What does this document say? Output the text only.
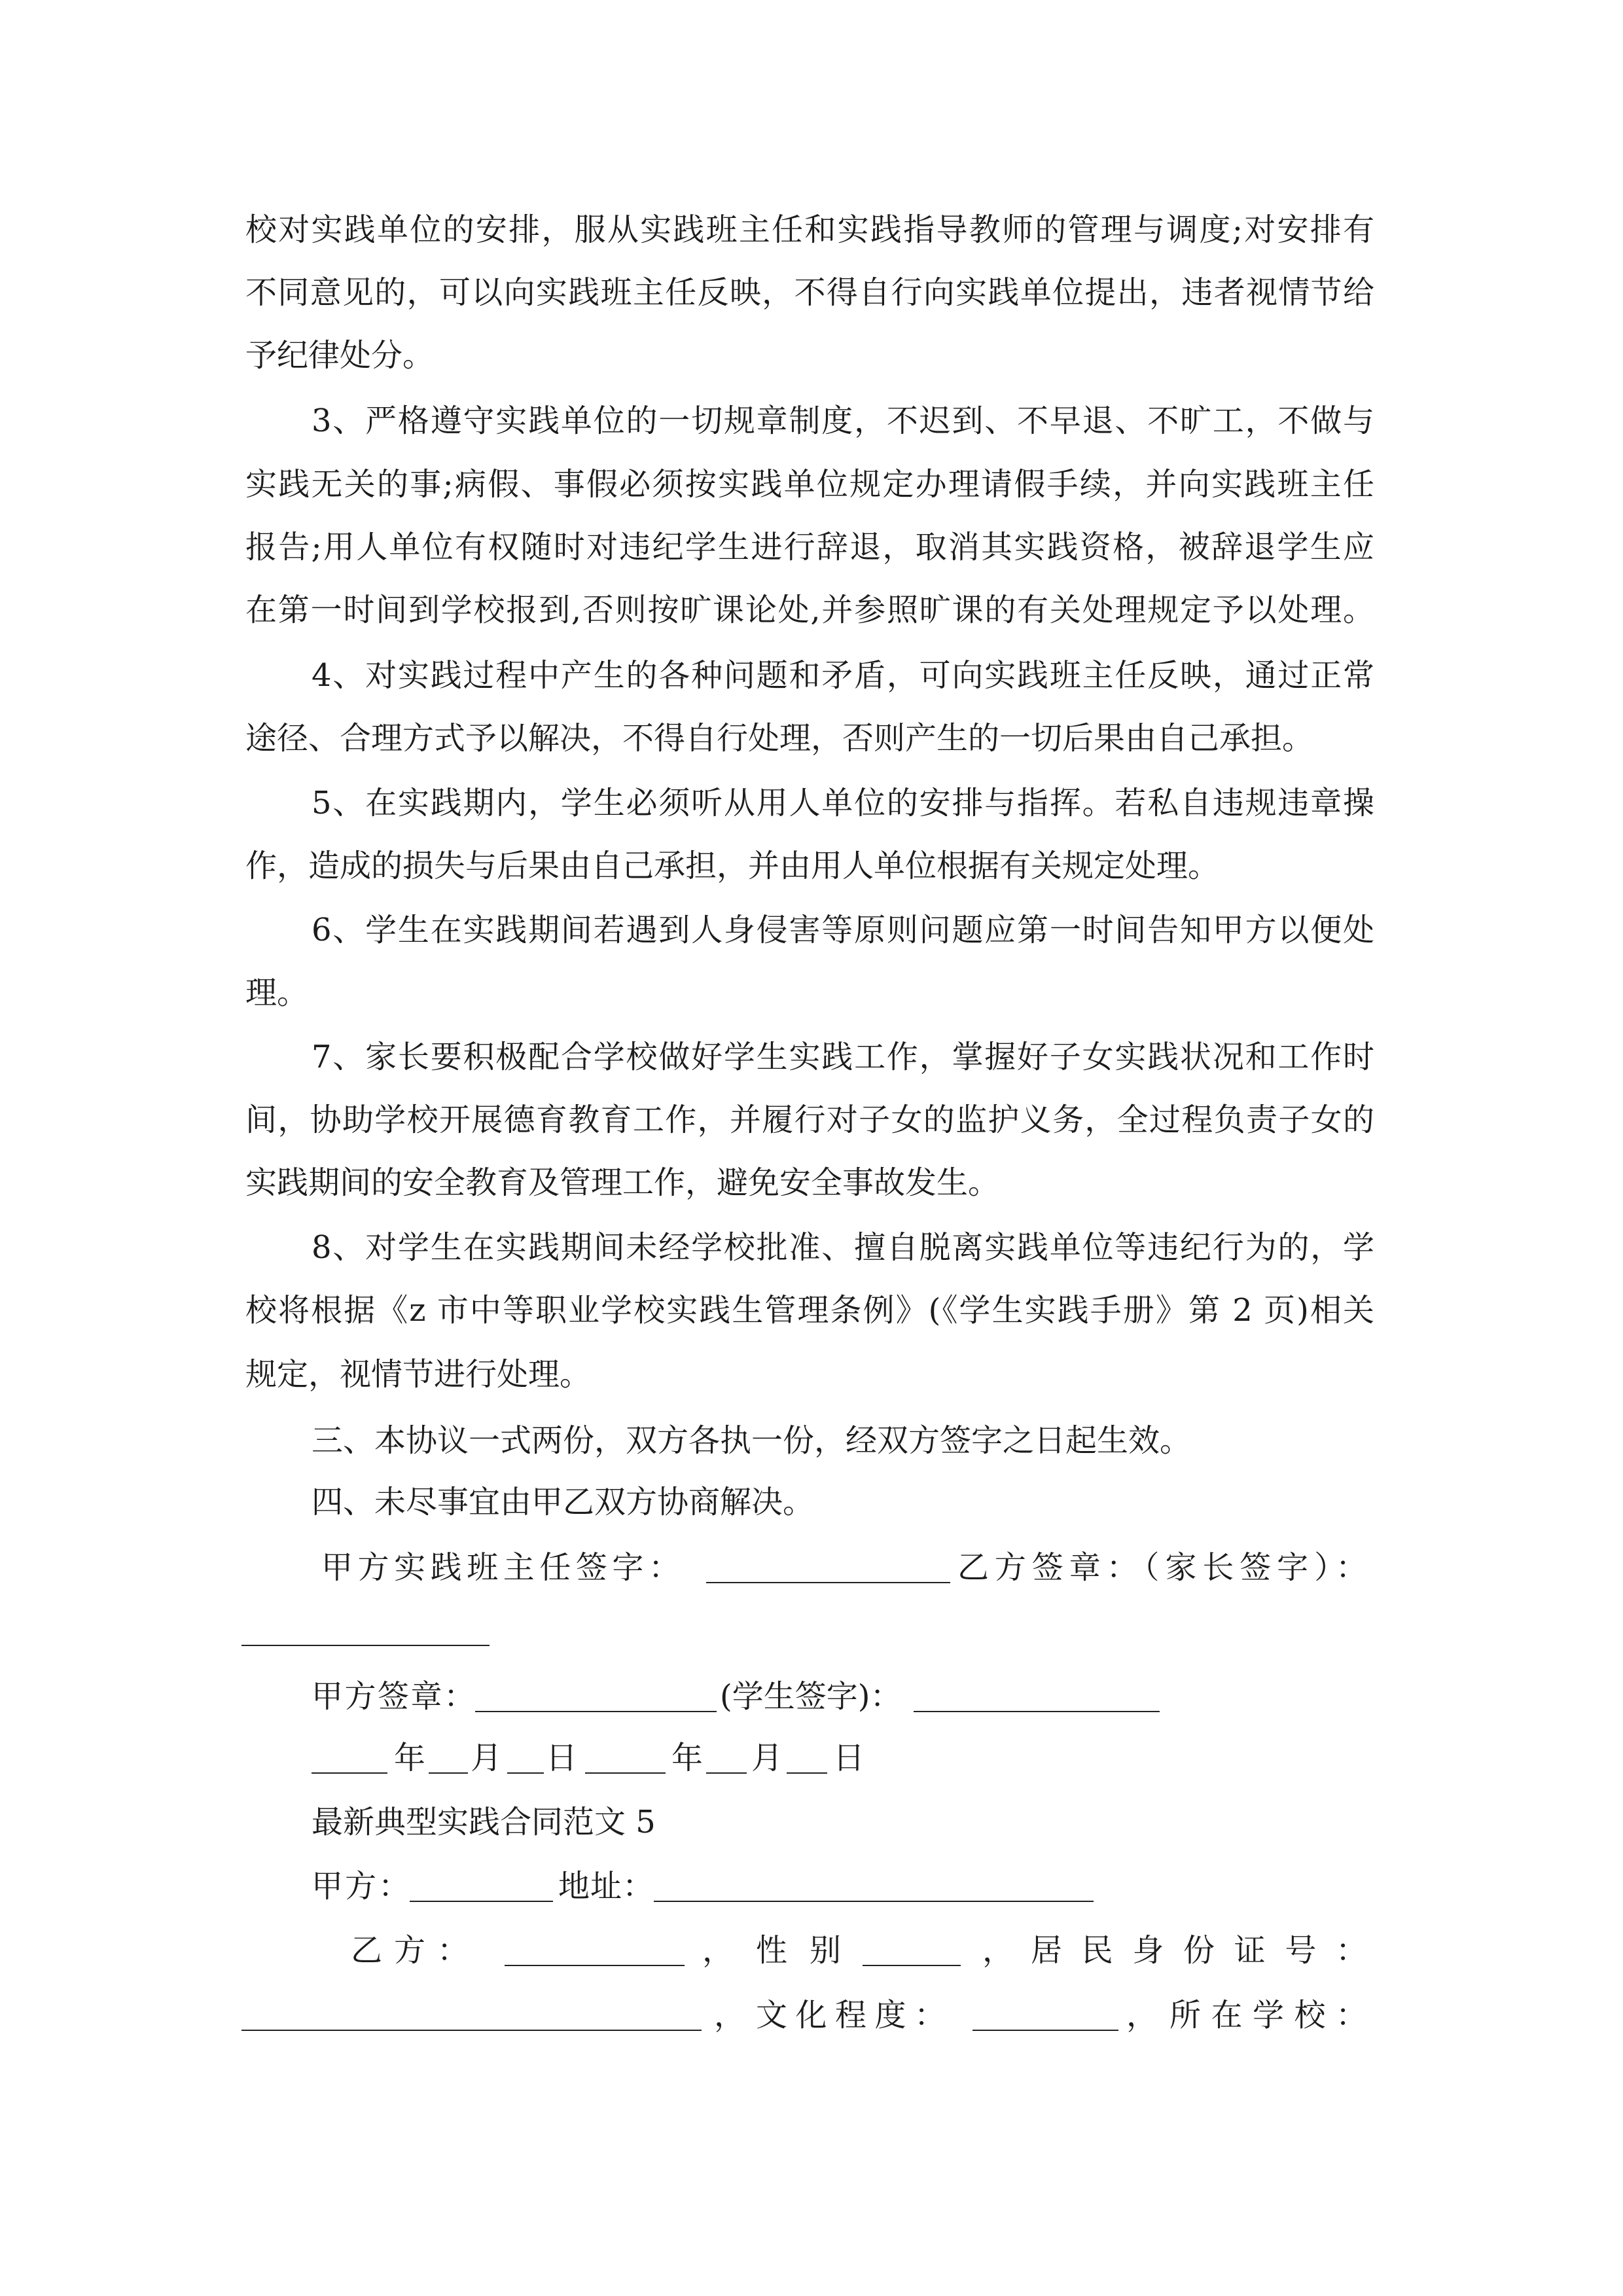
校对实践单位的安排，服从实践班主任和实践指导教师的管理与调度;对安排有
不同意见的，可以向实践班主任反映，不得自行向实践单位提出，违者视情节给
予纪律处分。
3、严格遵守实践单位的一切规章制度，不迟到、不早退、不旷工，不做与
实践无关的事;病假、事假必须按实践单位规定办理请假手续，并向实践班主任
报告;用人单位有权随时对违纪学生进行辞退，取消其实践资格，被辞退学生应
在第一时间到学校报到,否则按旷课论处,并参照旷课的有关处理规定予以处理。
4、对实践过程中产生的各种问题和矛盾，可向实践班主任反映，通过正常
途径、合理方式予以解决，不得自行处理，否则产生的一切后果由自己承担。
5、在实践期内，学生必须听从用人单位的安排与指挥。若私自违规违章操
作，造成的损失与后果由自己承担，并由用人单位根据有关规定处理。
6、学生在实践期间若遇到人身侵害等原则问题应第一时间告知甲方以便处
理。
7、家长要积极配合学校做好学生实践工作，掌握好子女实践状况和工作时
间，协助学校开展德育教育工作，并履行对子女的监护义务，全过程负责子女的
实践期间的安全教育及管理工作，避免安全事故发生。
8、对学生在实践期间未经学校批准、擅自脱离实践单位等违纪行为的，学
校将根据《z 市中等职业学校实践生管理条例》(《学生实践手册》第 2 页)相关
规定，视情节进行处理。
三、本协议一式两份，双方各执一份，经双方签字之日起生效。
四、未尽事宜由甲乙双方协商解决。
甲方实践班主任签字：	乙方签章：（家长签字）：
甲方签章：	(学生签字)：
年 月 日	年 月 日
最新典型实践合同范文 5
甲方：	地址：
乙方：	， 性别	， 居民身份证号：
， 文化程度：	， 所在学校：
